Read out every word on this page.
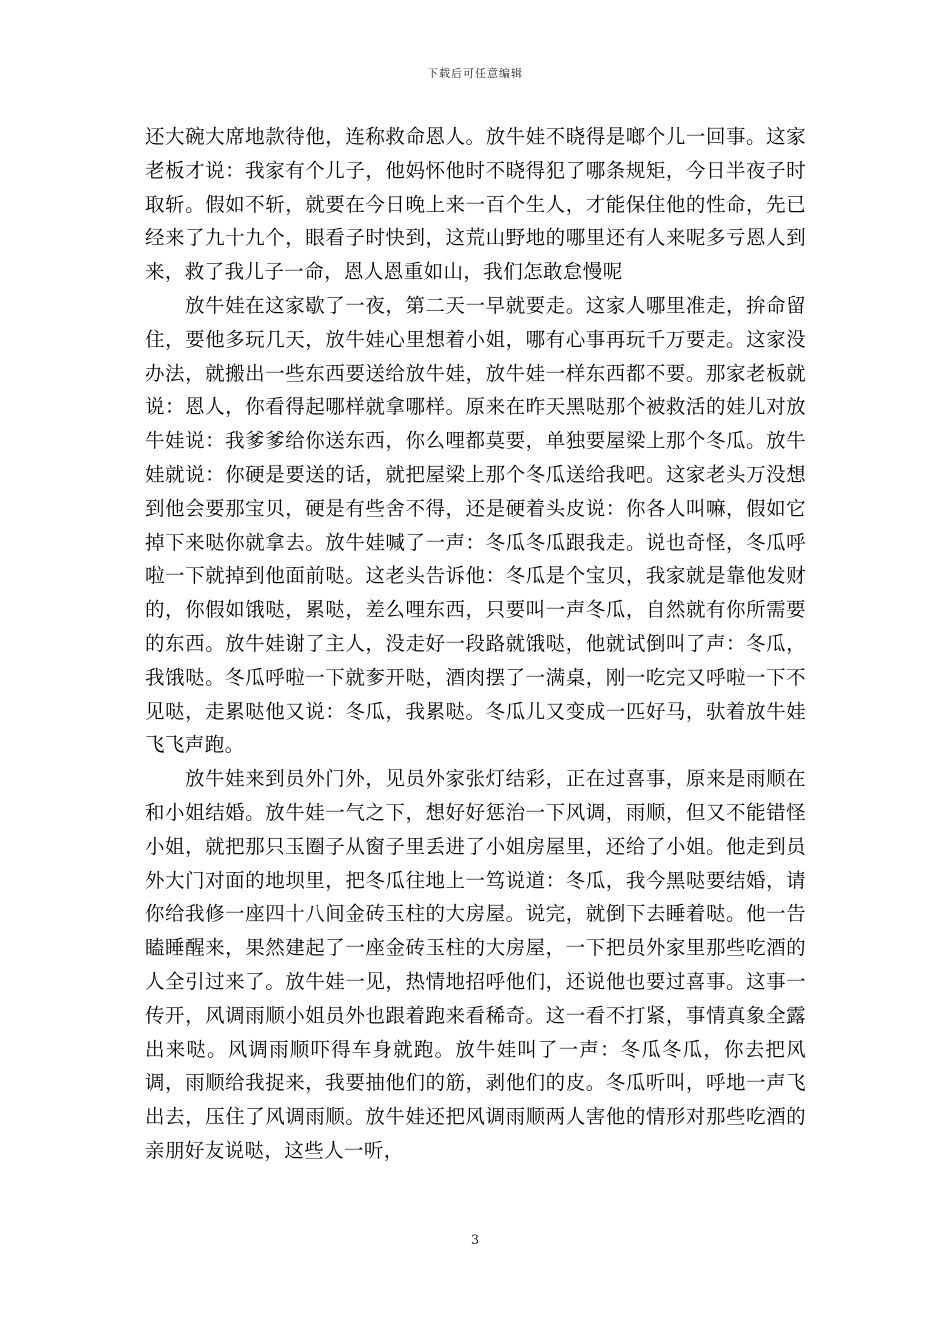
下载后可任意编辑

还大碗大席地款待他，连称救命恩人。放牛娃不晓得是啷个儿一回事。这家老板才说：我家有个儿子，他妈怀他时不晓得犯了哪条规矩，今日半夜子时取斩。假如不斩，就要在今日晚上来一百个生人，才能保住他的性命，先已经来了九十九个，眼看子时快到，这荒山野地的哪里还有人来呢多亏恩人到来，救了我儿子一命，恩人恩重如山，我们怎敢怠慢呢

放牛娃在这家歇了一夜，第二天一早就要走。这家人哪里准走，拚命留住，要他多玩几天，放牛娃心里想着小姐，哪有心事再玩千万要走。这家没办法，就搬出一些东西要送给放牛娃，放牛娃一样东西都不要。那家老板就说：恩人，你看得起哪样就拿哪样。原来在昨天黑哒那个被救活的娃儿对放牛娃说：我爹爹给你送东西，你么哩都莫要，单独要屋梁上那个冬瓜。放牛娃就说：你硬是要送的话，就把屋梁上那个冬瓜送给我吧。这家老头万没想到他会要那宝贝，硬是有些舍不得，还是硬着头皮说：你各人叫嘛，假如它掉下来哒你就拿去。放牛娃喊了一声：冬瓜冬瓜跟我走。说也奇怪，冬瓜呼啦一下就掉到他面前哒。这老头告诉他：冬瓜是个宝贝，我家就是靠他发财的，你假如饿哒，累哒，差么哩东西，只要叫一声冬瓜，自然就有你所需要的东西。放牛娃谢了主人，没走好一段路就饿哒，他就试倒叫了声：冬瓜，我饿哒。冬瓜呼啦一下就奓开哒，酒肉摆了一满桌，刚一吃完又呼啦一下不见哒，走累哒他又说：冬瓜，我累哒。冬瓜儿又变成一匹好马，驮着放牛娃飞飞声跑。

放牛娃来到员外门外，见员外家张灯结彩，正在过喜事，原来是雨顺在和小姐结婚。放牛娃一气之下，想好好惩治一下风调，雨顺，但又不能错怪小姐，就把那只玉圈子从窗子里丢进了小姐房屋里，还给了小姐。他走到员外大门对面的地坝里，把冬瓜往地上一笃说道：冬瓜，我今黑哒要结婚，请你给我修一座四十八间金砖玉柱的大房屋。说完，就倒下去睡着哒。他一告瞌睡醒来，果然建起了一座金砖玉柱的大房屋，一下把员外家里那些吃酒的人全引过来了。放牛娃一见，热情地招呼他们，还说他也要过喜事。这事一传开，风调雨顺小姐员外也跟着跑来看稀奇。这一看不打紧，事情真象全露出来哒。风调雨顺吓得车身就跑。放牛娃叫了一声：冬瓜冬瓜，你去把风调，雨顺给我捉来，我要抽他们的筋，剥他们的皮。冬瓜听叫，呼地一声飞出去，压住了风调雨顺。放牛娃还把风调雨顺两人害他的情形对那些吃酒的亲朋好友说哒，这些人一听，

3
